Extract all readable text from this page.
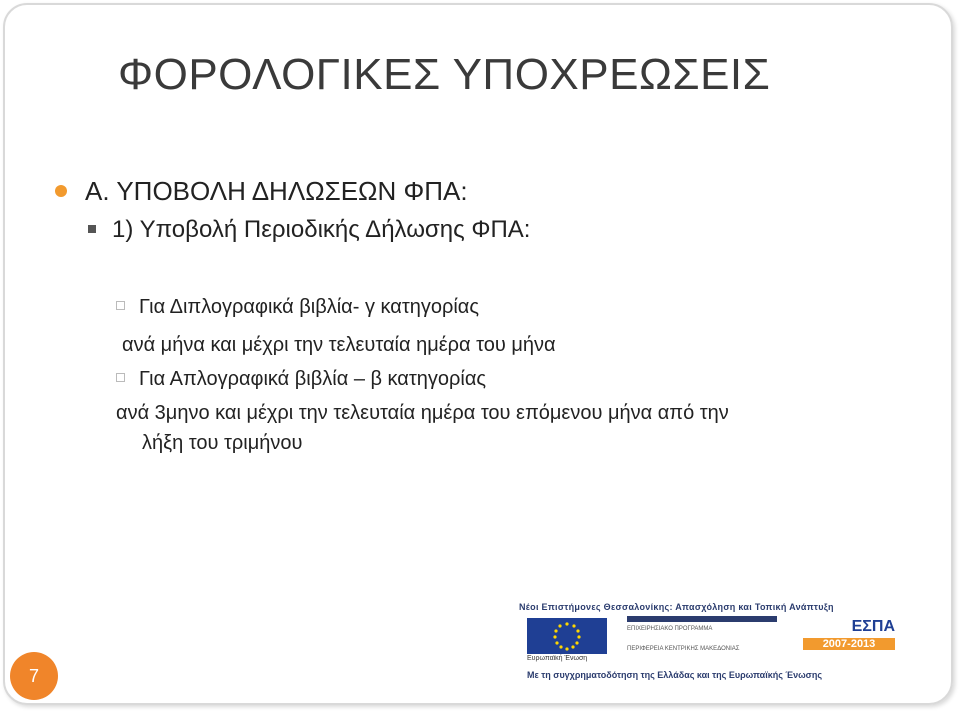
ΦΟΡΟΛΟΓΙΚΕΣ ΥΠΟΧΡΕΩΣΕΙΣ
Α. ΥΠΟΒΟΛΗ ΔΗΛΩΣΕΩΝ ΦΠΑ:
1) Υποβολή Περιοδικής Δήλωσης ΦΠΑ:
Για Διπλογραφικά βιβλία- γ κατηγορίας
ανά μήνα και μέχρι την τελευταία ημέρα του μήνα
Για Απλογραφικά βιβλία – β κατηγορίας
ανά 3μηνο και μέχρι την τελευταία ημέρα του επόμενου μήνα από την
λήξη του τριμήνου
7
Νέοι Επιστήμονες Θεσσαλονίκης: Απασχόληση και Τοπική Ανάπτυξη
Ευρωπαϊκή Ένωση
ΕΠΙΧΕΙΡΗΣΙΑΚΟ ΠΡΟΓΡΑΜΜΑ
ΠΕΡΙΦΕΡΕΙΑ ΚΕΝΤΡΙΚΗΣ ΜΑΚΕΔΟΝΙΑΣ
ΕΣΠΑ
2007-2013
Με τη συγχρηματοδότηση της Ελλάδας και της Ευρωπαϊκής Ένωσης
